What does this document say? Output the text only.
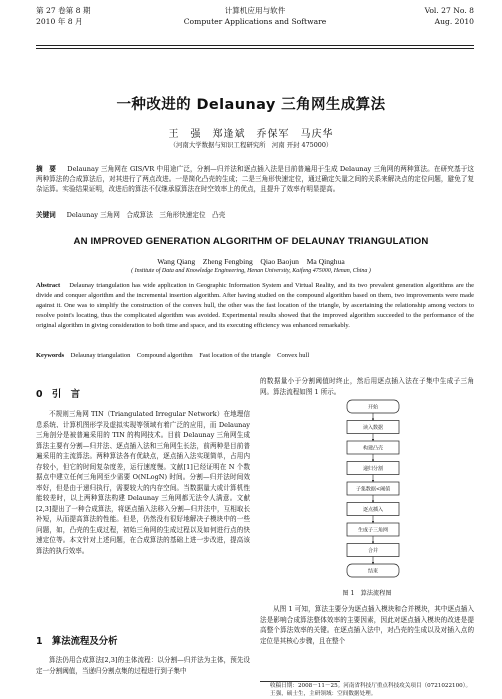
第 27 卷第 8 期
2010 年 8 月
计算机应用与软件
Computer Applications and Software
Vol. 27 No. 8
Aug. 2010
一种改进的 Delaunay 三角网生成算法
王　强　郑逢斌　乔保军　马庆华
（河南大学数据与知识工程研究所　河南 开封 475000）
摘　要 　 Delaunay 三角网在 GIS/VR 中用途广泛，分割—归并法和逐点插入法是目前普遍用于生成 Delaunay 三角网的两种算法。在研究基于这两种算法的合成算法后，对其进行了两点改进。一是简化凸壳的生成；二是三角形快速定位，通过确定矢量之间的关系来解决点的定位问题，避免了复杂运算。实验结果证明，改进后的算法不仅继承原算法在时空效率上的优点，且提升了效率有明显提高。
关键词 　 Delaunay 三角网　合成算法　三角形快速定位　凸壳
AN IMPROVED GENERATION ALGORITHM OF DELAUNAY TRIANGULATION
Wang Qiang　Zheng Fengbing　Qiao Baojun　Ma Qinghua
( Institute of Data and Knowledge Engineering, Henan University, Kaifeng 475000, Henan, China )
Abstract Delaunay triangulation has wide application in Geographic Information System and Virtual Reality, and its two prevalent generation algorithms are the divide and conquer algorithm and the incremental insertion algorithm. After having studied on the compound algorithm based on them, two improvements were made against it. One was to simplify the construction of the convex hull, the other was the fast location of the triangle, by ascertaining the relationship among vectors to resolve point's locating, thus the complicated algorithm was avoided. Experimental results showed that the improved algorithm succeeded to the performance of the original algorithm in giving consideration to both time and space, and its executing efficiency was enhanced remarkably.
Keywords Delaunay triangulation　Compound algorithm　Fast location of the triangle　Convex hull
0　引　言
不规则三角网 TIN（Triangulated Irregular Network）在地理信息系统、计算机图形学及虚拟实现等领域有着广泛的应用，而 Delaunay 三角剖分是被普遍采用的 TIN 的构网技术。目前 Delaunay 三角网生成算法主要有分割—归并法、逐点插入法和三角网生长法，前两种是目前普遍采用的主流算法。两种算法各有优缺点，逐点插入法实现简单，占用内存较小，但它的时间复杂度差，运行速度慢。文献[1]已经证明在 N 个数据点中建立任何三角网至少需要 O(NLogN) 时间。分割—归并法时间效率好，但是由于递归执行，需要较大的内存空间。当数据量大或计算机性能较差时，以上两种算法构建 Delaunay 三角网都无法令人满意。文献[2,3]提出了一种合成算法，将逐点插入法移入分割—归并法中，互相取长补短，从而提高算法的性能。但是，仍然没有很好地解决子模块中的一些问题，如，凸壳的生成过程，初始三角网的生成过程以及如何进行点的快速定位等。本文针对上述问题，在合成算法的基础上进一步改进，提高该算法的执行效率。
1　算法流程及分析
算法仍用合成算法[2,3]的主体流程：以分割—归并法为主体，预先设定一分割阈值，当递归分割点集的过程进行到子集中
的数据量小于分割阈值时终止，然后用逐点插入法在子集中生成子三角网。算法流程如图 1 所示。
开始
读入数据
构建凸壳
递归分割
子集数据<阈值
逐点插入
生成子三角网
合并
结束
图 1　算法流程图
从图 1 可知，算法主要分为逐点插入模块和合并模块，其中逐点插入法是影响合成算法整体效率的主要因素，因此对逐点插入模块的改进是提高整个算法效率的关键。在逐点插入法中，对凸壳的生成以及对插入点的定位是其核心步骤，且在整个
收稿日期：2008－11－25。河南省科技厅重点科技攻关项目（0721022100）。王强，硕士生，主研领域：空间数据处理。
